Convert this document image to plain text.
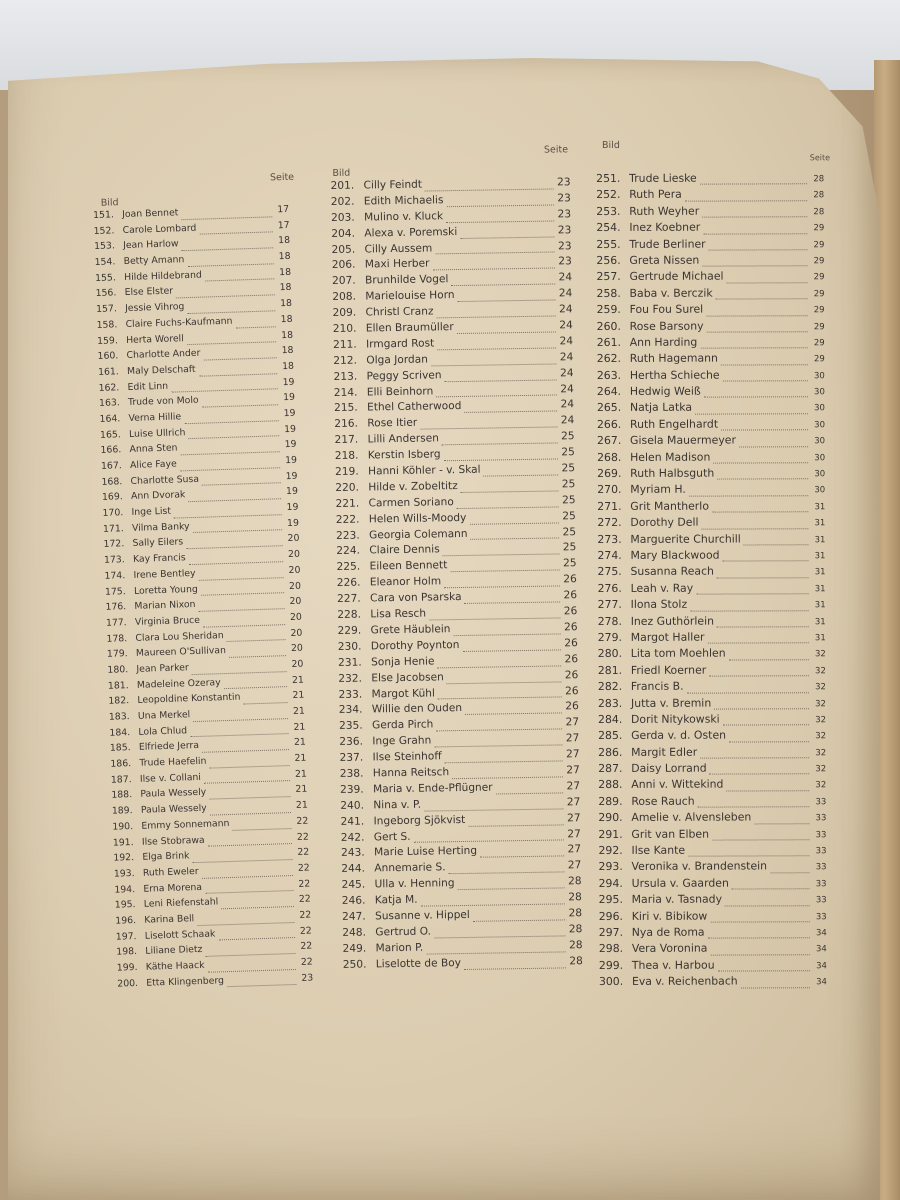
Bild
Seite
151. Joan Bennet	17
152. Carole Lombard	17
153. Jean Harlow	18
154. Betty Amann	18
155. Hilde Hildebrand	18
156. Else Elster	18
157. Jessie Vihrog	18
158. Claire Fuchs-Kaufmann	18
159. Herta Worell	18
160. Charlotte Ander	18
161. Maly Delschaft	18
162. Edit Linn	19
163. Trude von Molo	19
164. Verna Hillie	19
165. Luise Ullrich	19
166. Anna Sten	19
167. Alice Faye	19
168. Charlotte Susa	19
169. Ann Dvorak	19
170. Inge List	19
171. Vilma Banky	19
172. Sally Eilers	20
173. Kay Francis	20
174. Irene Bentley	20
175. Loretta Young	20
176. Marian Nixon	20
177. Virginia Bruce	20
178. Clara Lou Sheridan	20
179. Maureen O'Sullivan	20
180. Jean Parker	20
181. Madeleine Ozeray	21
182. Leopoldine Konstantin	21
183. Una Merkel	21
184. Lola Chlud	21
185. Elfriede Jerra	21
186. Trude Haefelin	21
187. Ilse v. Collani	21
188. Paula Wessely	21
189. Paula Wessely	21
190. Emmy Sonnemann	22
191. Ilse Stobrawa	22
192. Elga Brink	22
193. Ruth Eweler	22
194. Erna Morena	22
195. Leni Riefenstahl	22
196. Karina Bell	22
197. Liselott Schaak	22
198. Liliane Dietz	22
199. Käthe Haack	22
200. Etta Klingenberg	23
Bild
Seite
201. Cilly Feindt	23
202. Edith Michaelis	23
203. Mulino v. Kluck	23
204. Alexa v. Poremski	23
205. Cilly Aussem	23
206. Maxi Herber	23
207. Brunhilde Vogel	24
208. Marielouise Horn	24
209. Christl Cranz	24
210. Ellen Braumüller	24
211. Irmgard Rost	24
212. Olga Jordan	24
213. Peggy Scriven	24
214. Elli Beinhorn	24
215. Ethel Catherwood	24
216. Rose Itier	24
217. Lilli Andersen	25
218. Kerstin Isberg	25
219. Hanni Köhler - v. Skal	25
220. Hilde v. Zobeltitz	25
221. Carmen Soriano	25
222. Helen Wills-Moody	25
223. Georgia Colemann	25
224. Claire Dennis	25
225. Eileen Bennett	25
226. Eleanor Holm	26
227. Cara von Psarska	26
228. Lisa Resch	26
229. Grete Häublein	26
230. Dorothy Poynton	26
231. Sonja Henie	26
232. Else Jacobsen	26
233. Margot Kühl	26
234. Willie den Ouden	26
235. Gerda Pirch	27
236. Inge Grahn	27
237. Ilse Steinhoff	27
238. Hanna Reitsch	27
239. Maria v. Ende-Pflügner	27
240. Nina v. P.	27
241. Ingeborg Sjökvist	27
242. Gert S.	27
243. Marie Luise Herting	27
244. Annemarie S.	27
245. Ulla v. Henning	28
246. Katja M.	28
247. Susanne v. Hippel	28
248. Gertrud O.	28
249. Marion P.	28
250. Liselotte de Boy	28
Bild
Seite
251. Trude Lieske	28
252. Ruth Pera	28
253. Ruth Weyher	28
254. Inez Koebner	29
255. Trude Berliner	29
256. Greta Nissen	29
257. Gertrude Michael	29
258. Baba v. Berczik	29
259. Fou Fou Surel	29
260. Rose Barsony	29
261. Ann Harding	29
262. Ruth Hagemann	29
263. Hertha Schieche	30
264. Hedwig Weiß	30
265. Natja Latka	30
266. Ruth Engelhardt	30
267. Gisela Mauermeyer	30
268. Helen Madison	30
269. Ruth Halbsguth	30
270. Myriam H.	30
271. Grit Mantherlo	31
272. Dorothy Dell	31
273. Marguerite Churchill	31
274. Mary Blackwood	31
275. Susanna Reach	31
276. Leah v. Ray	31
277. Ilona Stolz	31
278. Inez Guthörlein	31
279. Margot Haller	31
280. Lita tom Moehlen	32
281. Friedl Koerner	32
282. Francis B.	32
283. Jutta v. Bremin	32
284. Dorit Nitykowski	32
285. Gerda v. d. Osten	32
286. Margit Edler	32
287. Daisy Lorrand	32
288. Anni v. Wittekind	32
289. Rose Rauch	33
290. Amelie v. Alvensleben	33
291. Grit van Elben	33
292. Ilse Kante	33
293. Veronika v. Brandenstein	33
294. Ursula v. Gaarden	33
295. Maria v. Tasnady	33
296. Kiri v. Bibikow	33
297. Nya de Roma	34
298. Vera Voronina	34
299. Thea v. Harbou	34
300. Eva v. Reichenbach	34
